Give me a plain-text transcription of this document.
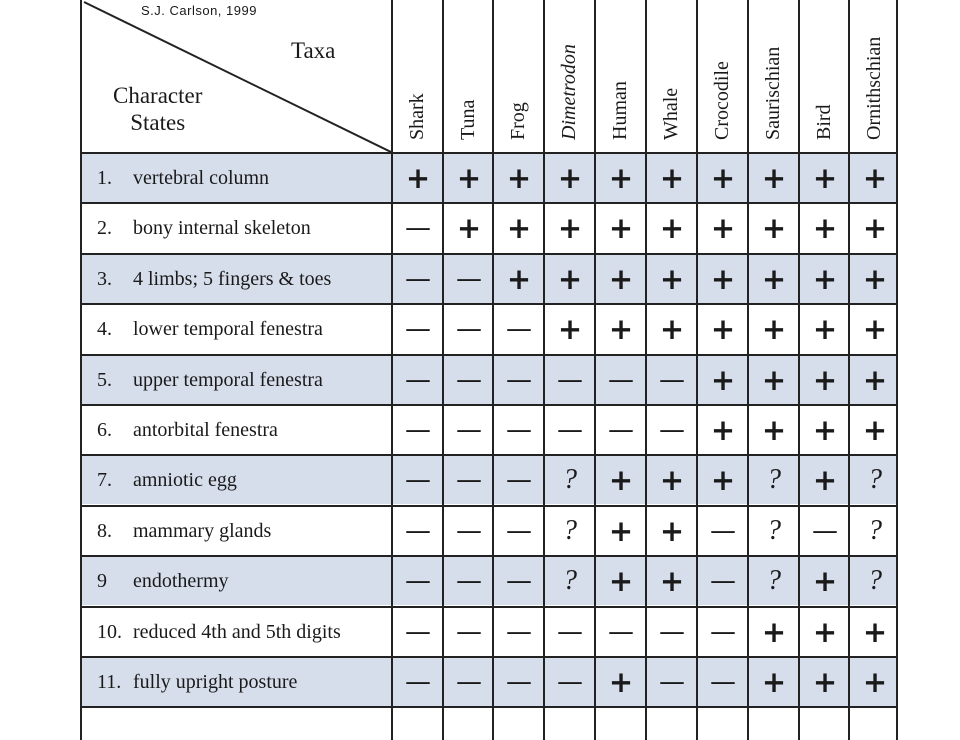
S.J. Carlson, 1999
Taxa
Character
States	Shark Tuna Frog Dimetrodon Human Whale Crocodile Saurischian Bird Ornithschian
1. vertebral column	+ + + + + + + + + +
2. bony internal skeleton	— + + + + + + + + +
3. 4 limbs; 5 fingers & toes	— — + + + + + + + +
4. lower temporal fenestra	— — — + + + + + + +
5. upper temporal fenestra	— — — — — — + + + +
6. antorbital fenestra	— — — — — — + + + +
7. amniotic egg	— — —	?	+ + +	?	+	?
8. mammary glands	— — —	?	+ + —	?	—	?
9 endothermy	— — —	?	+ + —	?	+	?
10. reduced 4th and 5th digits	— — — — — — — + + +
11. fully upright posture	— — — — + — — + + +
